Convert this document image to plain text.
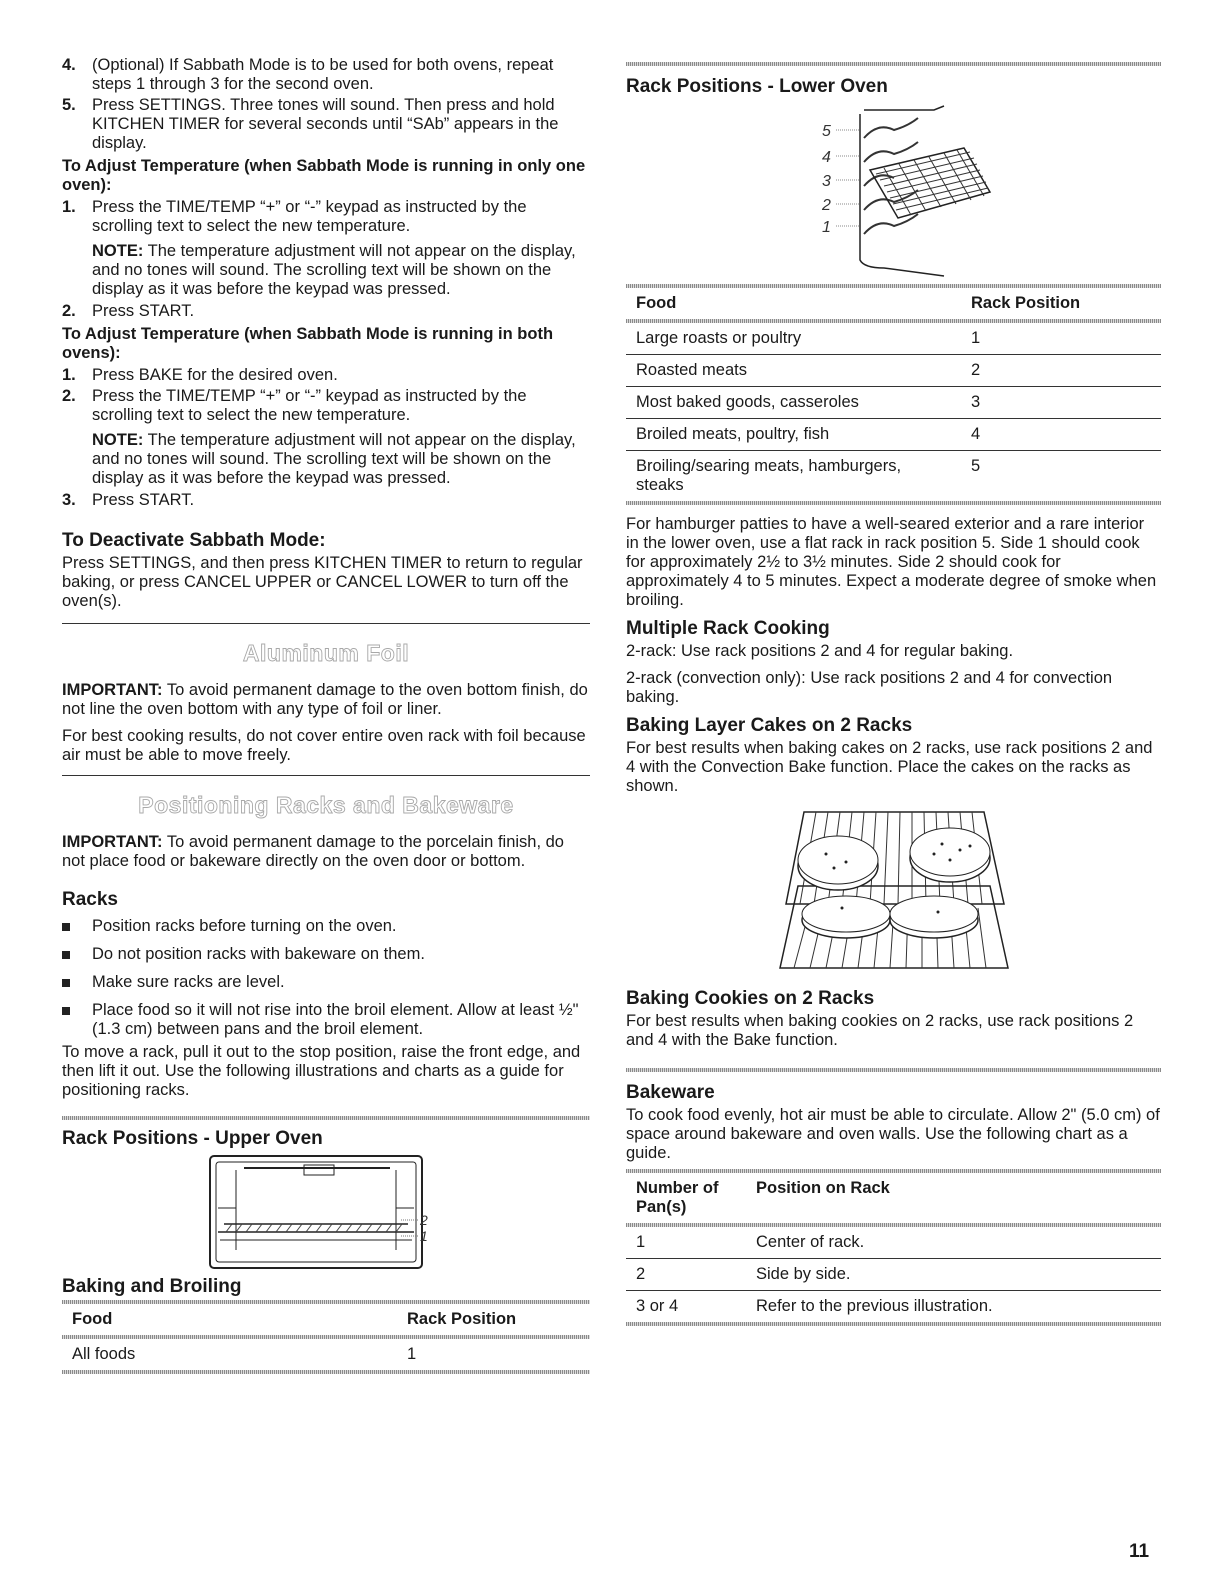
4. (Optional) If Sabbath Mode is to be used for both ovens, repeat steps 1 through 3 for the second oven.
5. Press SETTINGS. Three tones will sound. Then press and hold KITCHEN TIMER for several seconds until “SAb” appears in the display.
To Adjust Temperature (when Sabbath Mode is running in only one oven):
1. Press the TIME/TEMP “+” or “-” keypad as instructed by the scrolling text to select the new temperature.
NOTE: The temperature adjustment will not appear on the display, and no tones will sound. The scrolling text will be shown on the display as it was before the keypad was pressed.
2. Press START.
To Adjust Temperature (when Sabbath Mode is running in both ovens):
1. Press BAKE for the desired oven.
2. Press the TIME/TEMP “+” or “-” keypad as instructed by the scrolling text to select the new temperature.
NOTE: The temperature adjustment will not appear on the display, and no tones will sound. The scrolling text will be shown on the display as it was before the keypad was pressed.
3. Press START.
To Deactivate Sabbath Mode:

Press SETTINGS, and then press KITCHEN TIMER to return to regular baking, or press CANCEL UPPER or CANCEL LOWER to turn off the oven(s).

Aluminum Foil

IMPORTANT: To avoid permanent damage to the oven bottom finish, do not line the oven bottom with any type of foil or liner.

For best cooking results, do not cover entire oven rack with foil because air must be able to move freely.

Positioning Racks and Bakeware

IMPORTANT: To avoid permanent damage to the porcelain finish, do not place food or bakeware directly on the oven door or bottom.

Racks
Position racks before turning on the oven.
Do not position racks with bakeware on them.
Make sure racks are level.
Place food so it will not rise into the broil element. Allow at least ½" (1.3 cm) between pans and the broil element.

To move a rack, pull it out to the stop position, raise the front edge, and then lift it out. Use the following illustrations and charts as a guide for positioning racks.

Rack Positions - Upper Oven
2
1
Baking and Broiling
Food	Rack Position
All foods	1
Rack Positions - Lower Oven
5
4
3
2
1
Food	Rack Position
Large roasts or poultry	1
Roasted meats	2
Most baked goods, casseroles	3
Broiled meats, poultry, fish	4
Broiling/searing meats, hamburgers, steaks	5

For hamburger patties to have a well-seared exterior and a rare interior in the lower oven, use a flat rack in rack position 5. Side 1 should cook for approximately 2½ to 3½ minutes. Side 2 should cook for approximately 4 to 5 minutes. Expect a moderate degree of smoke when broiling.

Multiple Rack Cooking

2-rack: Use rack positions 2 and 4 for regular baking.

2-rack (convection only): Use rack positions 2 and 4 for convection baking.

Baking Layer Cakes on 2 Racks

For best results when baking cakes on 2 racks, use rack positions 2 and 4 with the Convection Bake function. Place the cakes on the racks as shown.

Baking Cookies on 2 Racks

For best results when baking cookies on 2 racks, use rack positions 2 and 4 with the Bake function.

Bakeware

To cook food evenly, hot air must be able to circulate. Allow 2" (5.0 cm) of space around bakeware and oven walls. Use the following chart as a guide.

Number of Pan(s)	Position on Rack
1	Center of rack.
2	Side by side.
3 or 4	Refer to the previous illustration.
11
